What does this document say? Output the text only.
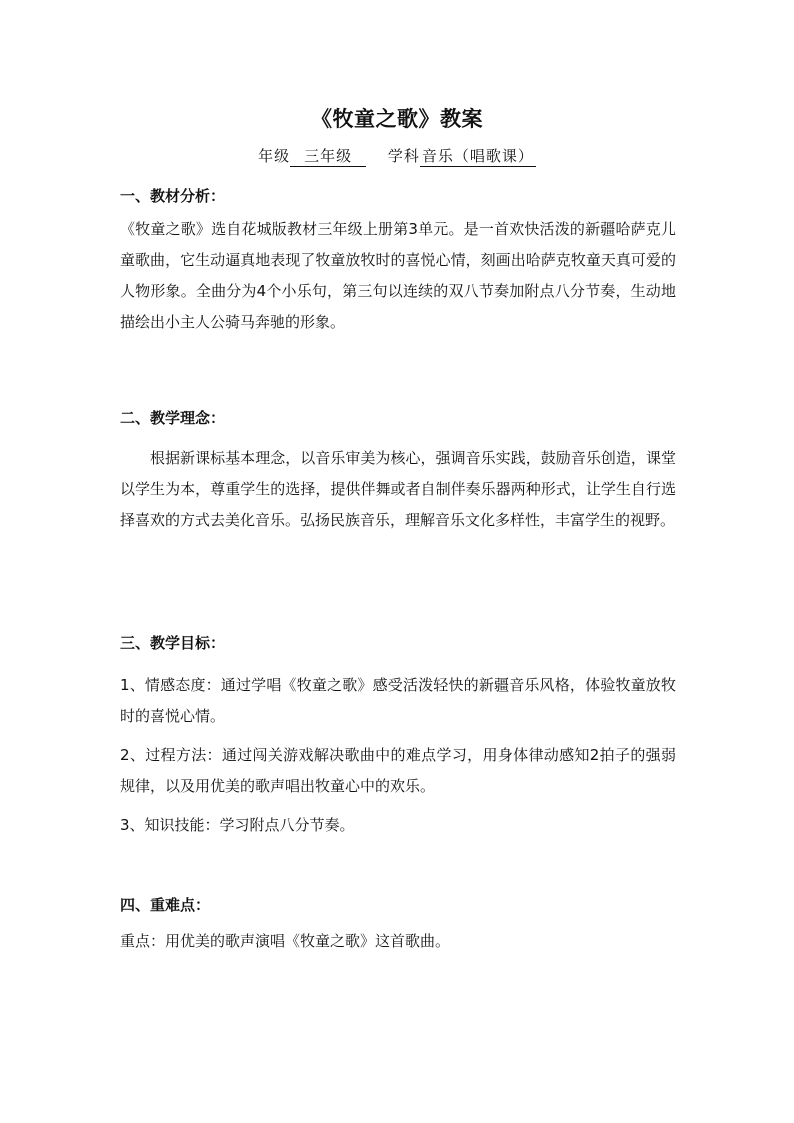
《牧童之歌》教案
年级 三年级 学科 音乐（唱歌课）
一、教材分析：

《牧童之歌》选自花城版教材三年级上册第3单元。是一首欢快活泼的新疆哈萨克儿童歌曲，它生动逼真地表现了牧童放牧时的喜悦心情，刻画出哈萨克牧童天真可爱的人物形象。全曲分为4个小乐句，第三句以连续的双八节奏加附点八分节奏，生动地描绘出小主人公骑马奔驰的形象。

二、教学理念：

根据新课标基本理念，以音乐审美为核心，强调音乐实践，鼓励音乐创造，课堂以学生为本，尊重学生的选择，提供伴舞或者自制伴奏乐器两种形式，让学生自行选择喜欢的方式去美化音乐。弘扬民族音乐，理解音乐文化多样性，丰富学生的视野。

三、教学目标：

1、情感态度：通过学唱《牧童之歌》感受活泼轻快的新疆音乐风格，体验牧童放牧时的喜悦心情。

2、过程方法：通过闯关游戏解决歌曲中的难点学习，用身体律动感知2拍子的强弱规律，以及用优美的歌声唱出牧童心中的欢乐。

3、知识技能：学习附点八分节奏。

四、重难点：

重点：用优美的歌声演唱《牧童之歌》这首歌曲。
